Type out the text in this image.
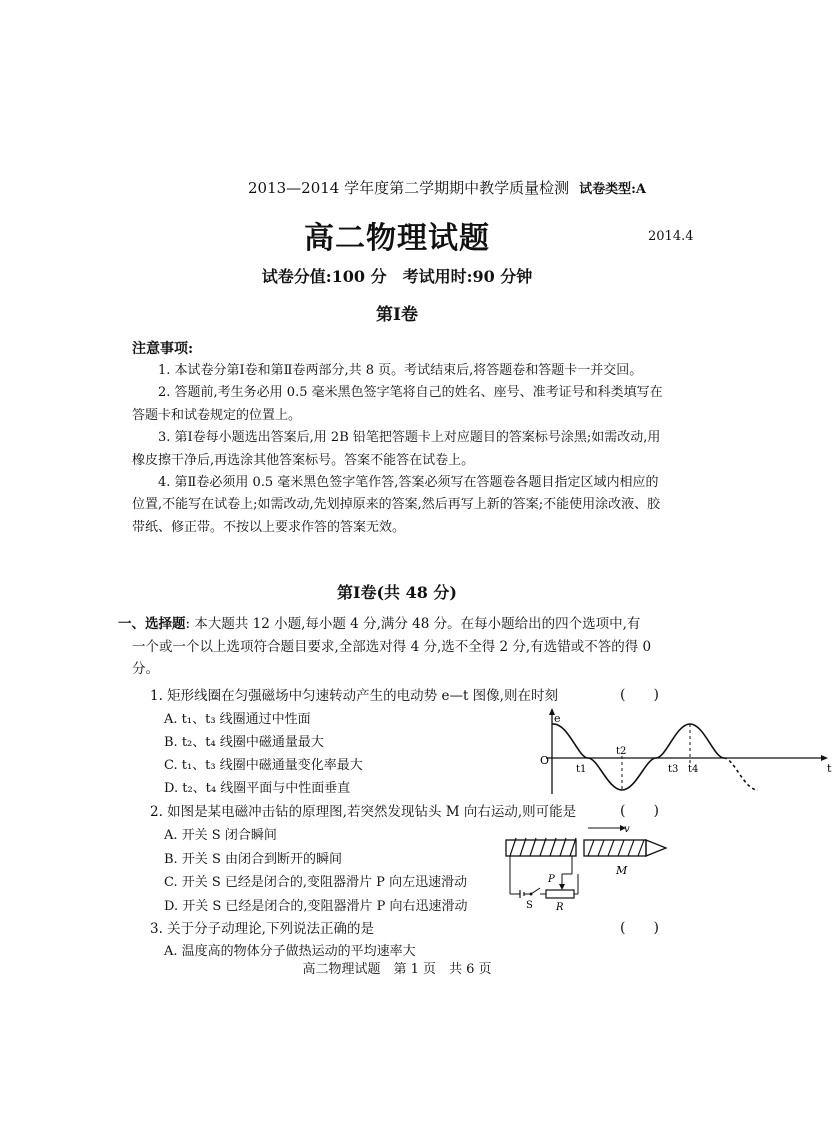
2013—2014 学年度第二学期期中教学质量检测 试卷类型:A
高二物理试题	2014.4
试卷分值:100 分　考试用时:90 分钟
第Ⅰ卷
注意事项:

1. 本试卷分第Ⅰ卷和第Ⅱ卷两部分,共 8 页。考试结束后,将答题卷和答题卡一并交回。

2. 答题前,考生务必用 0.5 毫米黑色签字笔将自己的姓名、座号、准考证号和科类填写在答题卡和试卷规定的位置上。

3. 第Ⅰ卷每小题选出答案后,用 2B 铅笔把答题卡上对应题目的答案标号涂黑;如需改动,用橡皮擦干净后,再选涂其他答案标号。答案不能答在试卷上。

4. 第Ⅱ卷必须用 0.5 毫米黑色签字笔作答,答案必须写在答题卷各题目指定区域内相应的位置,不能写在试卷上;如需改动,先划掉原来的答案,然后再写上新的答案;不能使用涂改液、胶带纸、修正带。不按以上要求作答的答案无效。

第Ⅰ卷(共 48 分)
一、选择题: 本大题共 12 小题,每小题 4 分,满分 48 分。在每小题给出的四个选项中,有
一个或一个以上选项符合题目要求,全部选对得 4 分,选不全得 2 分,有选错或不答的得 0 分。
1. 矩形线圈在匀强磁场中匀速转动产生的电动势 e—t 图像,则在时刻	(　　)
A. t₁、t₃ 线圈通过中性面
B. t₂、t₄ 线圈中磁通量最大
C. t₁、t₃ 线圈中磁通量变化率最大
D. t₂、t₄ 线圈平面与中性面垂直
e
O
t
t1
t2
t3 t4
2. 如图是某电磁冲击钻的原理图,若突然发现钻头 M 向右运动,则可能是	(　　)
A. 开关 S 闭合瞬间
B. 开关 S 由闭合到断开的瞬间
C. 开关 S 已经是闭合的,变阻器滑片 P 向左迅速滑动
D. 开关 S 已经是闭合的,变阻器滑片 P 向右迅速滑动
v
M
S
P
R
3. 关于分子动理论,下列说法正确的是	(　　)
A. 温度高的物体分子做热运动的平均速率大
高二物理试题　第 1 页　共 6 页
